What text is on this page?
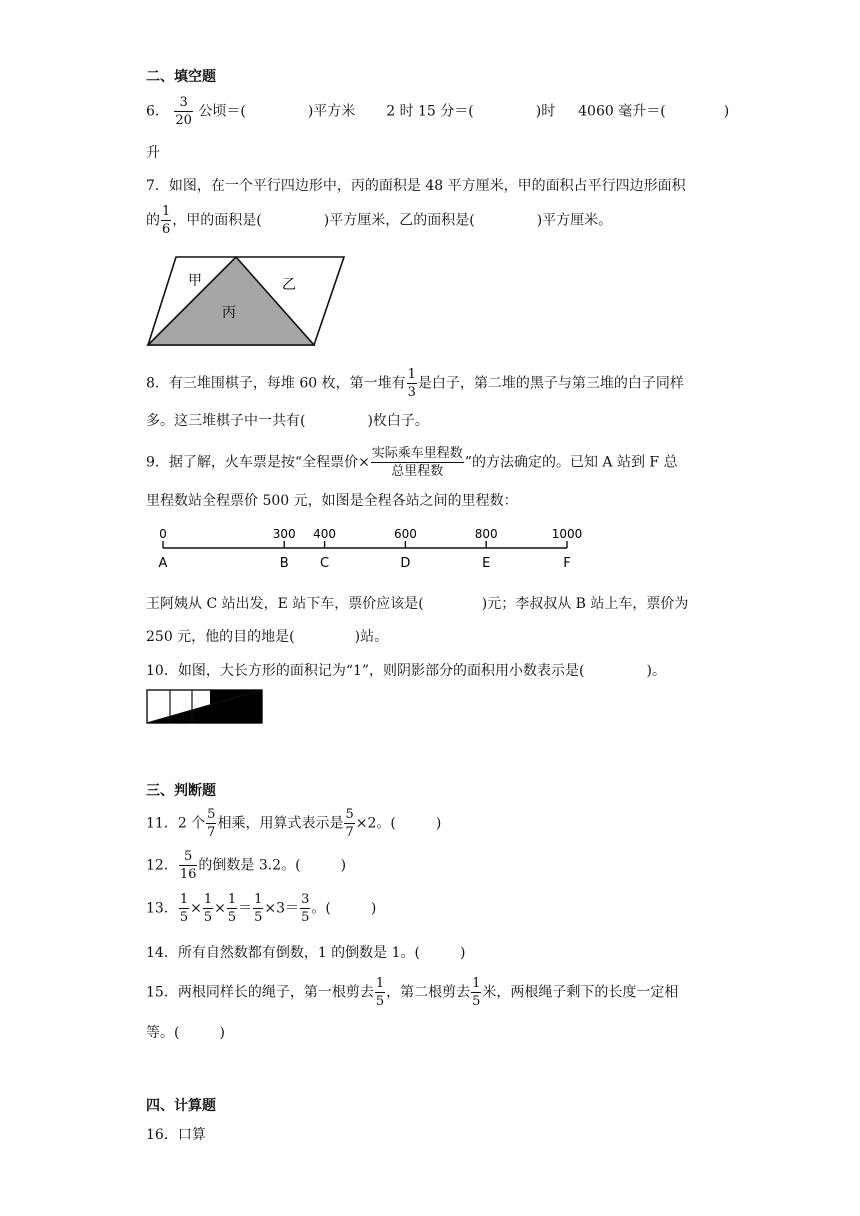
二、填空题
6． $\frac{3}{20}$ 公顷＝(	)平方米 2 时 15 分＝(	)时 4060 毫升＝(	)
升
7．如图，在一个平行四边形中，丙的面积是 48 平方厘米，甲的面积占平行四边形面积
的 $\frac{1}{6}$ ，甲的面积是(	)平方厘米，乙的面积是(	)平方厘米。
甲	乙
丙
8．有三堆围棋子，每堆 60 枚，第一堆有 $\frac{1}{3}$ 是白子，第二堆的黑子与第三堆的白子同样
多。这三堆棋子中一共有(	)枚白子。
9．据了解，火车票是按“全程票价× $\frac{\text{实际乘车里程数}}{\text{总里程数}}$ ”的方法确定的。已知 A 站到 F 总
里程数站全程票价 500 元，如图是全程各站之间的里程数：
0
A
300
B
400
C
600
D
800
E
1000
F
王阿姨从 C 站出发，E 站下车，票价应该是(	)元；李叔叔从 B 站上车，票价为
250 元，他的目的地是(	)站。
10．如图，大长方形的面积记为“1”，则阴影部分的面积用小数表示是(	)。
三、判断题
11．2 个 $\frac{5}{7}$ 相乘，用算式表示是 $\frac{5}{7} \times 2$。(	)
12． $\frac{5}{16}$ 的倒数是 3.2。(	)
13． $\frac{1}{5} \times \frac{1}{5} \times \frac{1}{5} = \frac{1}{5} \times 3= \frac{3}{5}$ 。(	)
14．所有自然数都有倒数，1 的倒数是 1。(	)
15．两根同样长的绳子，第一根剪去 $\frac{1}{5}$ ，第二根剪去 $\frac{1}{5}$ 米，两根绳子剩下的长度一定相
等。(	)
四、计算题
16．口算
